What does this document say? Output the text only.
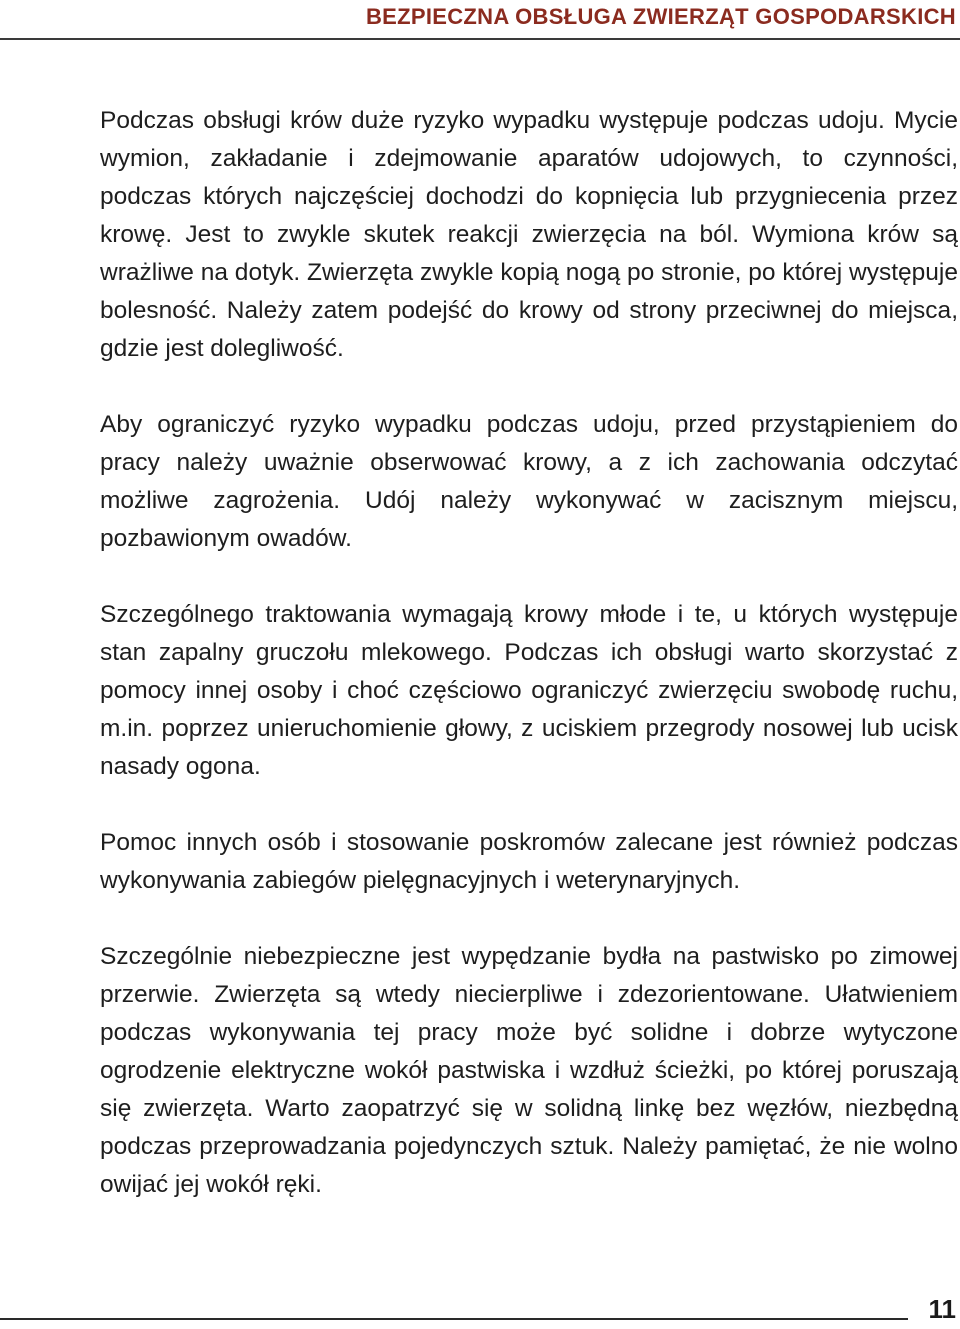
BEZPIECZNA OBSŁUGA ZWIERZĄT GOSPODARSKICH

Podczas obsługi krów duże ryzyko wypadku występuje podczas udoju. Mycie wymion, zakładanie i zdejmowanie aparatów udojowych, to czynności, podczas których najczęściej dochodzi do kopnięcia lub przygniecenia przez krowę. Jest to zwykle skutek reakcji zwierzęcia na ból. Wymiona krów są wrażliwe na dotyk. Zwierzęta zwykle kopią nogą po stronie, po której występuje bolesność. Należy zatem podejść do krowy od strony przeciwnej do miejsca, gdzie jest dolegliwość.

Aby ograniczyć ryzyko wypadku podczas udoju, przed przystąpieniem do pracy należy uważnie obserwować krowy, a z ich zachowania odczytać możliwe zagrożenia. Udój należy wykonywać w zacisznym miejscu, pozbawionym owadów.

Szczególnego traktowania wymagają krowy młode i te, u których występuje stan zapalny gruczołu mlekowego. Podczas ich obsługi warto skorzystać z pomocy innej osoby i choć częściowo ograniczyć zwierzęciu swobodę ruchu, m.in. poprzez unieruchomienie głowy, z uciskiem przegrody nosowej lub ucisk nasady ogona.

Pomoc innych osób i stosowanie poskromów zalecane jest również podczas wykonywania zabiegów pielęgnacyjnych i weterynaryjnych.

Szczególnie niebezpieczne jest wypędzanie bydła na pastwisko po zimowej przerwie. Zwierzęta są wtedy niecierpliwe i zdezorientowane. Ułatwieniem podczas wykonywania tej pracy może być solidne i dobrze wytyczone ogrodzenie elektryczne wokół pastwiska i wzdłuż ścieżki, po której poruszają się zwierzęta. Warto zaopatrzyć się w solidną linkę bez węzłów, niezbędną podczas przeprowadzania pojedynczych sztuk. Należy pamiętać, że nie wolno owijać jej wokół ręki.

11
